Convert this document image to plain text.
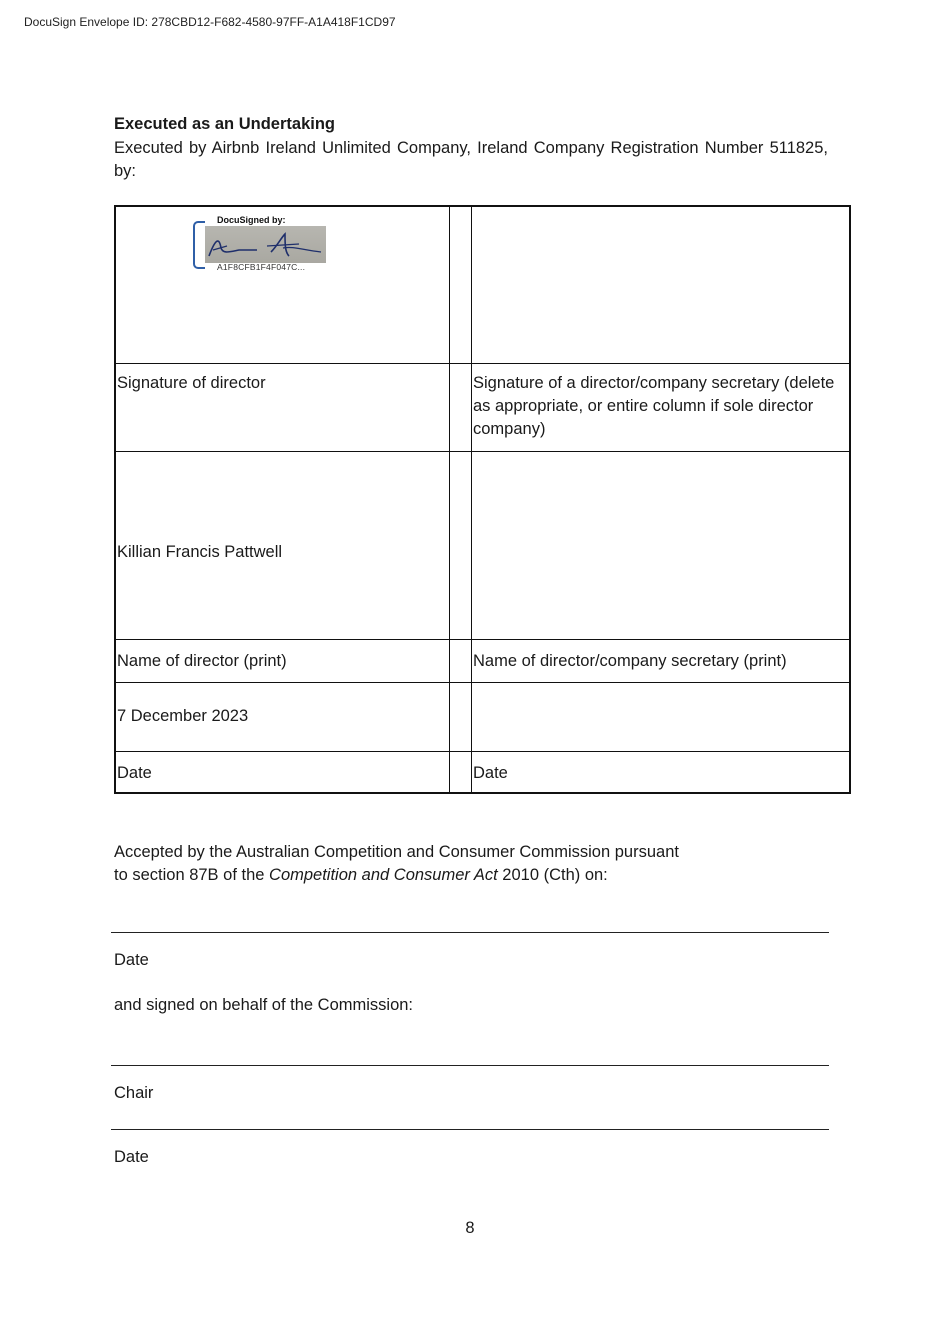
DocuSign Envelope ID: 278CBD12-F682-4580-97FF-A1A418F1CD97
Executed as an Undertaking
Executed by Airbnb Ireland Unlimited Company, Ireland Company Registration Number 511825, by:
DocuSigned by:
A1F8CFB1F4F047C...
Signature of director	Signature of a director/company secretary (delete as appropriate, or entire column if sole director company)
Killian Francis Pattwell
Name of director (print)	Name of director/company secretary (print)
7 December 2023
Date	Date
Accepted by the Australian Competition and Consumer Commission pursuant
to section 87B of the Competition and Consumer Act 2010 (Cth) on:
Date
and signed on behalf of the Commission:
Chair
Date
8
